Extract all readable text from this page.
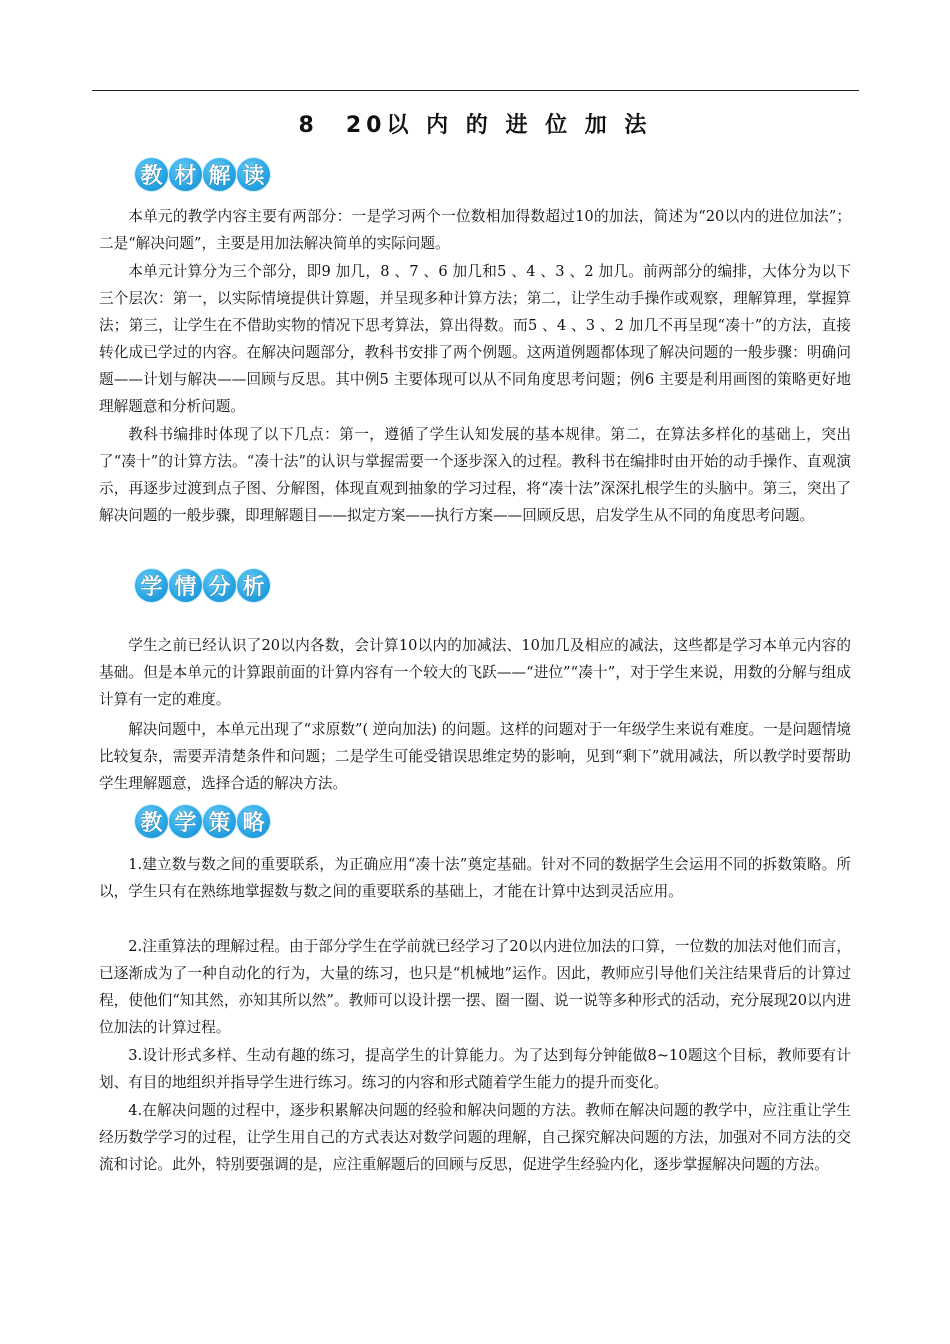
8　20以 内 的 进 位 加 法
教 材 解 读

本单元的教学内容主要有两部分：一是学习两个一位数相加得数超过10的加法，简述为“20以内的进位加法”；二是“解决问题”，主要是用加法解决简单的实际问题。

本单元计算分为三个部分，即9 加几，8 、7 、6 加几和5 、4 、3 、2 加几。前两部分的编排，大体分为以下三个层次：第一，以实际情境提供计算题，并呈现多种计算方法；第二，让学生动手操作或观察，理解算理，掌握算法；第三，让学生在不借助实物的情况下思考算法，算出得数。而5 、4 、3 、2 加几不再呈现“凑十”的方法，直接转化成已学过的内容。在解决问题部分，教科书安排了两个例题。这两道例题都体现了解决问题的一般步骤：明确问题——计划与解决——回顾与反思。其中例5 主要体现可以从不同角度思考问题；例6 主要是利用画图的策略更好地理解题意和分析问题。

教科书编排时体现了以下几点：第一，遵循了学生认知发展的基本规律。第二，在算法多样化的基础上，突出了“凑十”的计算方法。“凑十法”的认识与掌握需要一个逐步深入的过程。教科书在编排时由开始的动手操作、直观演示，再逐步过渡到点子图、分解图，体现直观到抽象的学习过程，将“凑十法”深深扎根学生的头脑中。第三，突出了解决问题的一般步骤，即理解题目——拟定方案——执行方案——回顾反思，启发学生从不同的角度思考问题。

学 情 分 析

学生之前已经认识了20以内各数，会计算10以内的加减法、10加几及相应的减法，这些都是学习本单元内容的基础。但是本单元的计算跟前面的计算内容有一个较大的飞跃——“进位”“凑十”，对于学生来说，用数的分解与组成计算有一定的难度。

解决问题中，本单元出现了“求原数”( 逆向加法) 的问题。这样的问题对于一年级学生来说有难度。一是问题情境比较复杂，需要弄清楚条件和问题；二是学生可能受错误思维定势的影响，见到“剩下”就用减法，所以教学时要帮助学生理解题意，选择合适的解决方法。

教 学 策 略

1.建立数与数之间的重要联系，为正确应用“凑十法”奠定基础。针对不同的数据学生会运用不同的拆数策略。所以，学生只有在熟练地掌握数与数之间的重要联系的基础上，才能在计算中达到灵活应用。

2.注重算法的理解过程。由于部分学生在学前就已经学习了20以内进位加法的口算，一位数的加法对他们而言，已逐渐成为了一种自动化的行为，大量的练习，也只是“机械地”运作。因此，教师应引导他们关注结果背后的计算过程，使他们“知其然，亦知其所以然”。教师可以设计摆一摆、圈一圈、说一说等多种形式的活动，充分展现20以内进位加法的计算过程。

3.设计形式多样、生动有趣的练习，提高学生的计算能力。为了达到每分钟能做8~10题这个目标，教师要有计划、有目的地组织并指导学生进行练习。练习的内容和形式随着学生能力的提升而变化。

4.在解决问题的过程中，逐步积累解决问题的经验和解决问题的方法。教师在解决问题的教学中，应注重让学生经历数学学习的过程，让学生用自己的方式表达对数学问题的理解，自己探究解决问题的方法，加强对不同方法的交流和讨论。此外，特别要强调的是，应注重解题后的回顾与反思，促进学生经验内化，逐步掌握解决问题的方法。
